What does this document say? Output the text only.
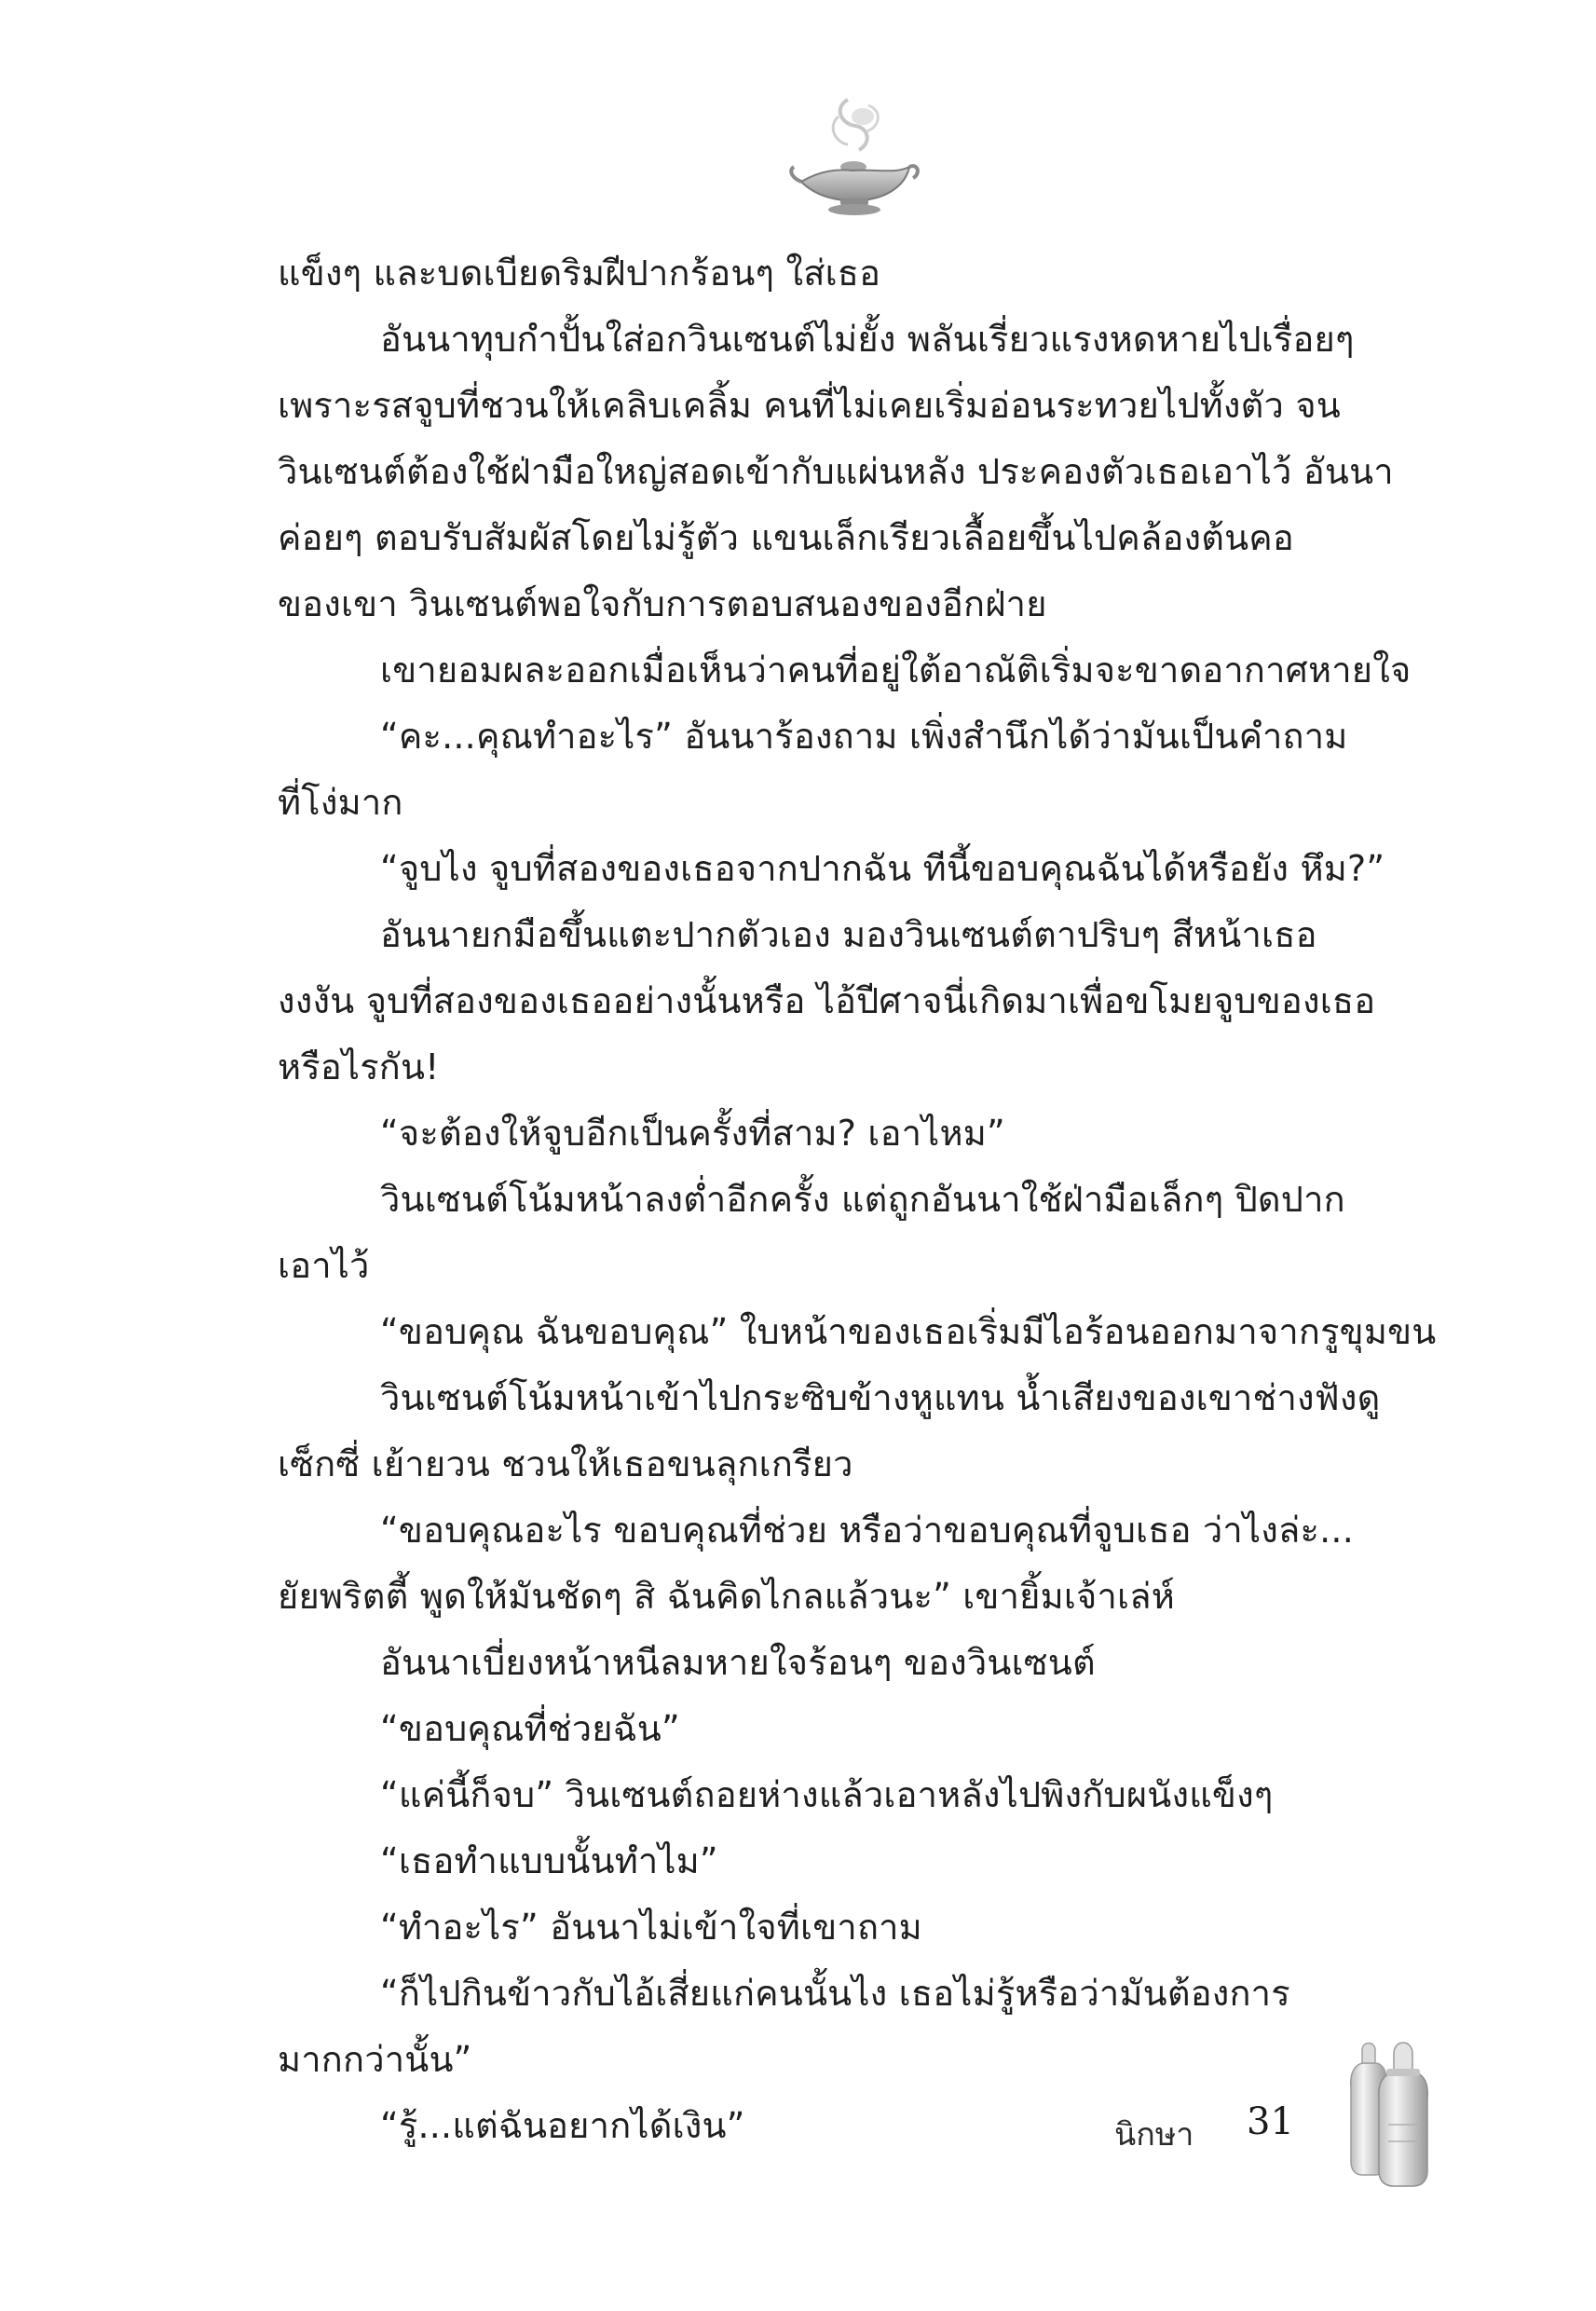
แข็งๆ และบดเบียดริมฝีปากร้อนๆ ใส่เธอ

อันนาทุบกำปั้นใส่อกวินเซนต์ไม่ยั้ง พลันเรี่ยวแรงหดหายไปเรื่อยๆ

เพราะรสจูบที่ชวนให้เคลิบเคลิ้ม คนที่ไม่เคยเริ่มอ่อนระทวยไปทั้งตัว จน

วินเซนต์ต้องใช้ฝ่ามือใหญ่สอดเข้ากับแผ่นหลัง ประคองตัวเธอเอาไว้ อันนา

ค่อยๆ ตอบรับสัมผัสโดยไม่รู้ตัว แขนเล็กเรียวเลื้อยขึ้นไปคล้องต้นคอ

ของเขา วินเซนต์พอใจกับการตอบสนองของอีกฝ่าย

เขายอมผละออกเมื่อเห็นว่าคนที่อยู่ใต้อาณัติเริ่มจะขาดอากาศหายใจ

“คะ...คุณทำอะไร” อันนาร้องถาม เพิ่งสำนึกได้ว่ามันเป็นคำถาม

ที่โง่มาก

“จูบไง จูบที่สองของเธอจากปากฉัน ทีนี้ขอบคุณฉันได้หรือยัง หึม?”

อันนายกมือขึ้นแตะปากตัวเอง มองวินเซนต์ตาปริบๆ สีหน้าเธอ

งงงัน จูบที่สองของเธออย่างนั้นหรือ ไอ้ปีศาจนี่เกิดมาเพื่อขโมยจูบของเธอ

หรือไรกัน!

“จะต้องให้จูบอีกเป็นครั้งที่สาม? เอาไหม”

วินเซนต์โน้มหน้าลงต่ำอีกครั้ง แต่ถูกอันนาใช้ฝ่ามือเล็กๆ ปิดปาก

เอาไว้

“ขอบคุณ ฉันขอบคุณ” ใบหน้าของเธอเริ่มมีไอร้อนออกมาจากรูขุมขน

วินเซนต์โน้มหน้าเข้าไปกระซิบข้างหูแทน น้ำเสียงของเขาช่างฟังดู

เซ็กซี่ เย้ายวน ชวนให้เธอขนลุกเกรียว

“ขอบคุณอะไร ขอบคุณที่ช่วย หรือว่าขอบคุณที่จูบเธอ ว่าไงล่ะ...

ยัยพริตตี้ พูดให้มันชัดๆ สิ ฉันคิดไกลแล้วนะ” เขายิ้มเจ้าเล่ห์

อันนาเบี่ยงหน้าหนีลมหายใจร้อนๆ ของวินเซนต์

“ขอบคุณที่ช่วยฉัน”

“แค่นี้ก็จบ” วินเซนต์ถอยห่างแล้วเอาหลังไปพิงกับผนังแข็งๆ

“เธอทำแบบนั้นทำไม”

“ทำอะไร” อันนาไม่เข้าใจที่เขาถาม

“ก็ไปกินข้าวกับไอ้เสี่ยแก่คนนั้นไง เธอไม่รู้หรือว่ามันต้องการ

มากกว่านั้น”

“รู้...แต่ฉันอยากได้เงิน”	นิกษา 31
